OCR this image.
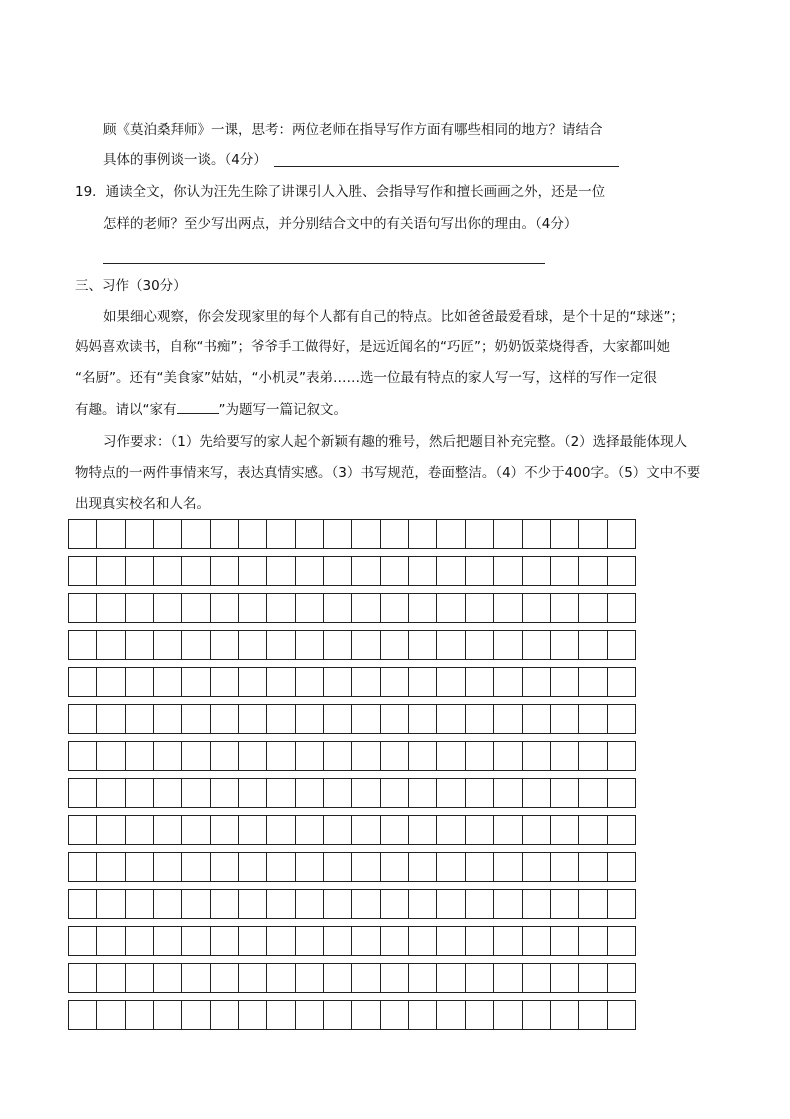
顾《莫泊桑拜师》一课，思考：两位老师在指导写作方面有哪些相同的地方？请结合
具体的事例谈一谈。（4分）
19．通读全文，你认为汪先生除了讲课引人入胜、会指导写作和擅长画画之外，还是一位
怎样的老师？至少写出两点，并分别结合文中的有关语句写出你的理由。（4分）
三、习作（30分）
如果细心观察，你会发现家里的每个人都有自己的特点。比如爸爸最爱看球，是个十足的“球迷”；
妈妈喜欢读书，自称“书痴”；爷爷手工做得好，是远近闻名的“巧匠”；奶奶饭菜烧得香，大家都叫她
“名厨”。还有“美食家”姑姑，“小机灵”表弟……选一位最有特点的家人写一写，这样的写作一定很
有趣。请以“家有	”为题写一篇记叙文。
习作要求：（1）先给要写的家人起个新颖有趣的雅号，然后把题目补充完整。（2）选择最能体现人
物特点的一两件事情来写，表达真情实感。（3）书写规范，卷面整洁。（4）不少于400字。（5）文中不要
出现真实校名和人名。
